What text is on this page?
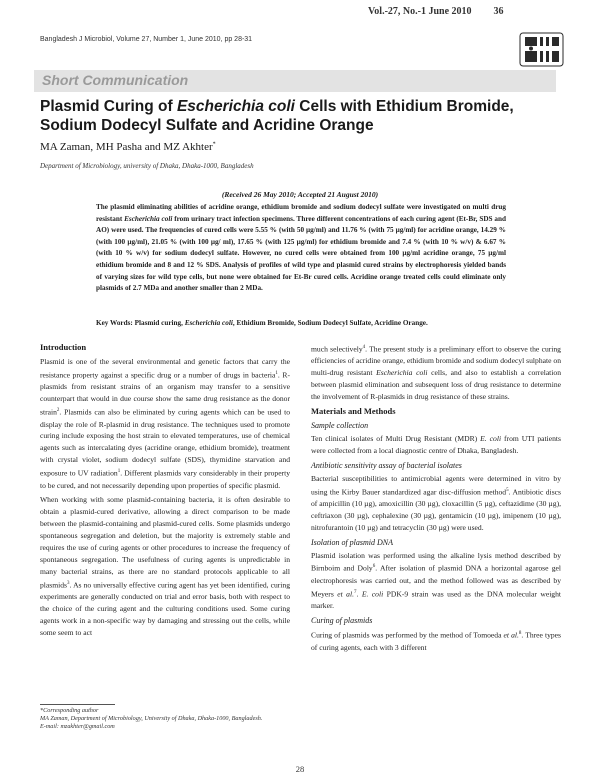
Vol.-27, No.-1 June 2010 36
Bangladesh J Microbiol, Volume 27, Number 1, June 2010, pp 28-31
Short Communication
Plasmid Curing of Escherichia coli Cells with Ethidium Bromide, Sodium Dodecyl Sulfate and Acridine Orange
MA Zaman, MH Pasha and MZ Akhter*
Department of Microbiology, university of Dhaka, Dhaka-1000, Bangladesh
(Received 26 May 2010; Accepted 21 August 2010)
The plasmid eliminating abilities of acridine orange, ethidium bromide and sodium dodecyl sulfate were investigated on multi drug resistant Escherichia coli from urinary tract infection specimens. Three different concentrations of each curing agent (Et-Br, SDS and AO) were used. The frequencies of cured cells were 5.55 % (with 50 µg/ml) and 11.76 % (with 75 µg/ml) for acridine orange, 14.29 % (with 100 µg/ml), 21.05 % (with 100 µg/ ml), 17.65 % (with 125 µg/ml) for ethidium bromide and 7.4 % (with 10 % w/v) & 6.67 % (with 10 % w/v) for sodium dodecyl sulfate. However, no cured cells were obtained from 100 µg/ml acridine orange, 75 µg/ml ethidium bromide and 8 and 12 % SDS. Analysis of profiles of wild type and plasmid cured strains by electrophoresis yielded bands of varying sizes for wild type cells, but none were obtained for Et-Br cured cells. Acridine orange treated cells could eliminate only plasmids of 2.7 MDa and another smaller than 2 MDa.
Key Words: Plasmid curing, Escherichia coli, Ethidium Bromide, Sodium Dodecyl Sulfate, Acridine Orange.
Introduction

Plasmid is one of the several environmental and genetic factors that carry the resistance property against a specific drug or a number of drugs in bacteria$^1$. R-plasmids from resistant strains of an organism may transfer to a sensitive counterpart that would in due course show the same drug resistance as the donor strain$^2$. Plasmids can also be eliminated by curing agents which can be used to display the role of R-plasmid in drug resistance. The techniques used to promote curing include exposing the host strain to elevated temperatures, use of chemical agents such as intercalating dyes (acridine orange, ethidium bromide), treatment with crystal violet, sodium dodecyl sulfate (SDS), thymidine starvation and exposure to UV radiation$^1$. Different plasmids vary considerably in their property to be cured, and not necessarily depending upon properties of specific plasmid.

When working with some plasmid-containing bacteria, it is often desirable to obtain a plasmid-cured derivative, allowing a direct comparison to be made between the plasmid-containing and plasmid-cured cells. Some plasmids undergo spontaneous segregation and deletion, but the majority is extremely stable and requires the use of curing agents or other procedures to increase the frequency of spontaneous segregation. The usefulness of curing agents is unpredictable in many bacterial strains, as there are no standard protocols applicable to all plasmids$^3$. As no universally effective curing agent has yet been identified, curing experiments are generally conducted on trial and error basis, both with respect to the choice of the curing agent and the culturing conditions used. Some curing agents work in a non-specific way by damaging and stressing out the cells, while some seem to act

much selectively$^4$. The present study is a preliminary effort to observe the curing efficiencies of acridine orange, ethidium bromide and sodium dodecyl sulphate on multi-drug resistant Escherichia coli cells, and also to establish a correlation between plasmid elimination and subsequent loss of drug resistance to determine the involvement of R-plasmids in drug resistance of these strains.

Materials and Methods
Sample collection

Ten clinical isolates of Multi Drug Resistant (MDR) E. coli from UTI patients were collected from a local diagnostic centre of Dhaka, Bangladesh.

Antibiotic sensitivity assay of bacterial isolates

Bacterial susceptibilities to antimicrobial agents were determined in vitro by using the Kirby Bauer standardized agar disc-diffusion method$^5$. Antibiotic discs of ampicillin (10 µg), amoxicillin (30 µg), cloxacillin (5 µg), ceftazidime (30 µg), ceftriaxon (30 µg), cephalexine (30 µg), gentamicin (10 µg), imipenem (10 µg), nitrofurantoin (10 µg) and tetracyclin (30 µg) were used.

Isolation of plasmid DNA

Plasmid isolation was performed using the alkaline lysis method described by Birnboim and Doly$^6$. After isolation of plasmid DNA a horizontal agarose gel electrophoresis was carried out, and the method followed was as described by Meyers et al.$^7$. E. coli PDK-9 strain was used as the DNA molecular weight marker.

Curing of plasmids

Curing of plasmids was performed by the method of Tomoeda et al.$^8$. Three types of curing agents, each with 3 different

*Corresponding author
MA Zaman, Department of Microbiology, University of Dhaka, Dhaka-1000, Bangladesh.
E-mail: mzakhter@gmail.com
28
